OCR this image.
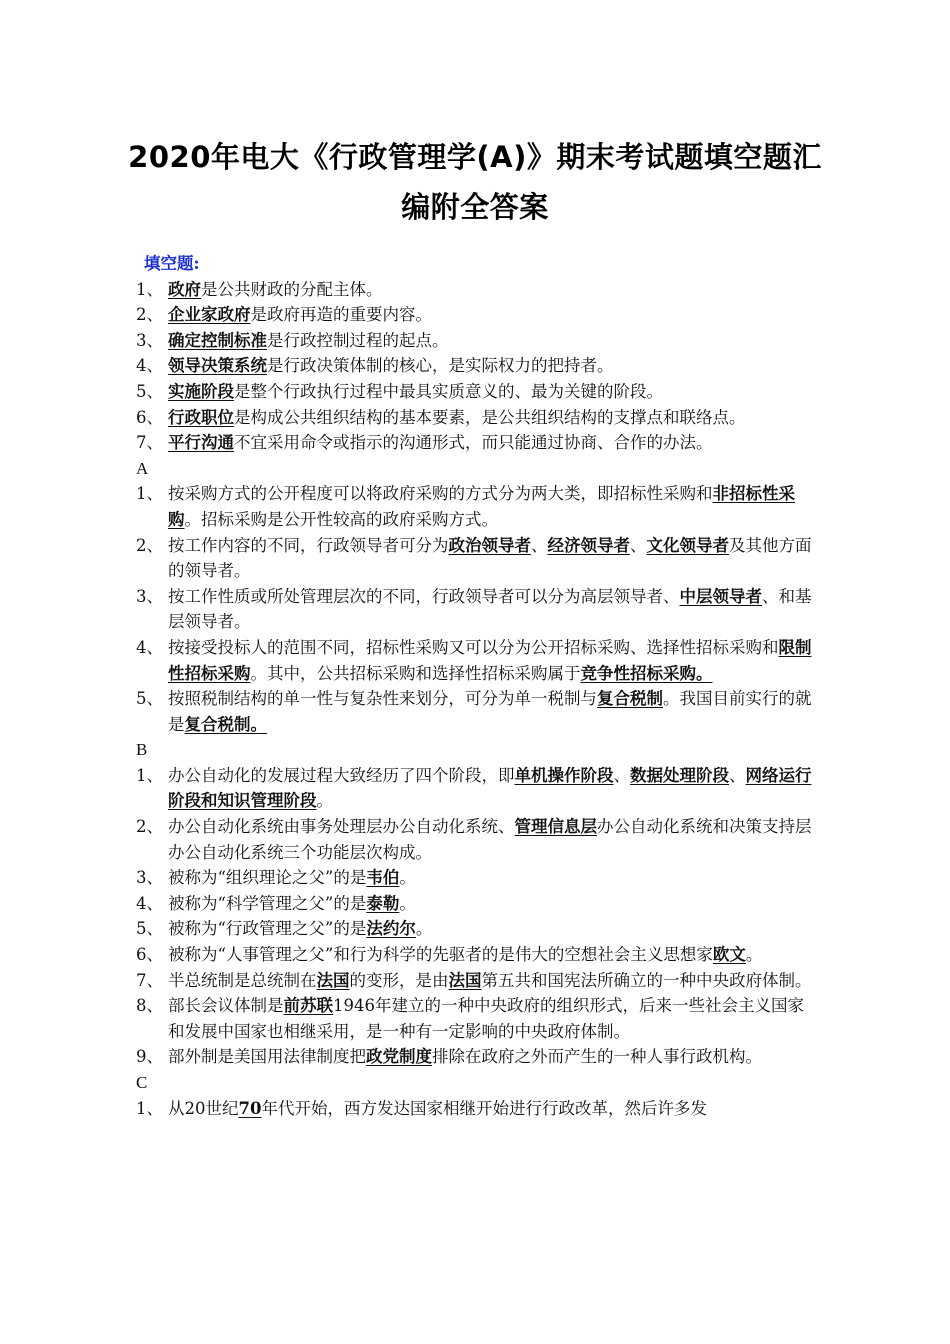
2020年电大《行政管理学(A)》期末考试题填空题汇
编附全答案
填空题:
1、 政府是公共财政的分配主体。
2、 企业家政府是政府再造的重要内容。
3、 确定控制标准是行政控制过程的起点。
4、 领导决策系统是行政决策体制的核心，是实际权力的把持者。
5、 实施阶段是整个行政执行过程中最具实质意义的、最为关键的阶段。
6、 行政职位是构成公共组织结构的基本要素，是公共组织结构的支撑点和联络点。
7、 平行沟通不宜采用命令或指示的沟通形式，而只能通过协商、合作的办法。
A
1、 按采购方式的公开程度可以将政府采购的方式分为两大类，即招标性采购和非招标性采购。招标采购是公开性较高的政府采购方式。
2、 按工作内容的不同，行政领导者可分为政治领导者、经济领导者、文化领导者及其他方面的领导者。
3、 按工作性质或所处管理层次的不同，行政领导者可以分为高层领导者、中层领导者、和基层领导者。
4、 按接受投标人的范围不同，招标性采购又可以分为公开招标采购、选择性招标采购和限制性招标采购。其中，公共招标采购和选择性招标采购属于竞争性招标采购。
5、 按照税制结构的单一性与复杂性来划分，可分为单一税制与复合税制。我国目前实行的就是复合税制。
B
1、 办公自动化的发展过程大致经历了四个阶段，即单机操作阶段、数据处理阶段、网络运行阶段和知识管理阶段。
2、 办公自动化系统由事务处理层办公自动化系统、管理信息层办公自动化系统和决策支持层办公自动化系统三个功能层次构成。
3、 被称为“组织理论之父”的是韦伯。
4、 被称为“科学管理之父”的是泰勒。
5、 被称为“行政管理之父”的是法约尔。
6、 被称为“人事管理之父”和行为科学的先驱者的是伟大的空想社会主义思想家欧文。
7、 半总统制是总统制在法国的变形，是由法国第五共和国宪法所确立的一种中央政府体制。
8、 部长会议体制是前苏联1946年建立的一种中央政府的组织形式，后来一些社会主义国家和发展中国家也相继采用，是一种有一定影响的中央政府体制。
9、 部外制是美国用法律制度把政党制度排除在政府之外而产生的一种人事行政机构。
C
1、 从20世纪70年代开始，西方发达国家相继开始进行行政改革，然后许多发
